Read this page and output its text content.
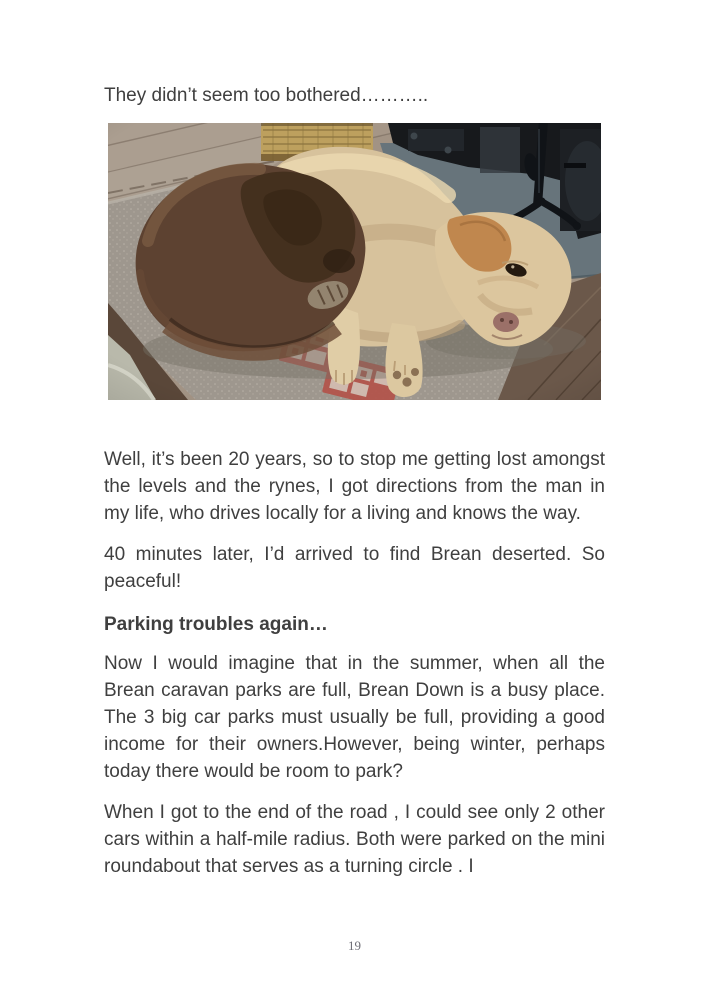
They didn’t seem too bothered………..

Well, it’s been 20 years, so to stop me getting lost amongst the levels and the rynes, I got directions from the man in my life, who drives locally for a living and knows the way.

40 minutes later, I’d arrived to find Brean deserted. So peaceful!

Parking troubles again…

Now I would imagine that in the summer, when all the Brean caravan parks are full, Brean Down is a busy place. The 3 big car parks must usually be full, providing a good income for their owners.However, being winter, perhaps today there would be room to park?

When I got to the end of the road , I could see only 2 other cars within a half-mile radius. Both were parked on the mini roundabout that serves as a turning circle . I

19
